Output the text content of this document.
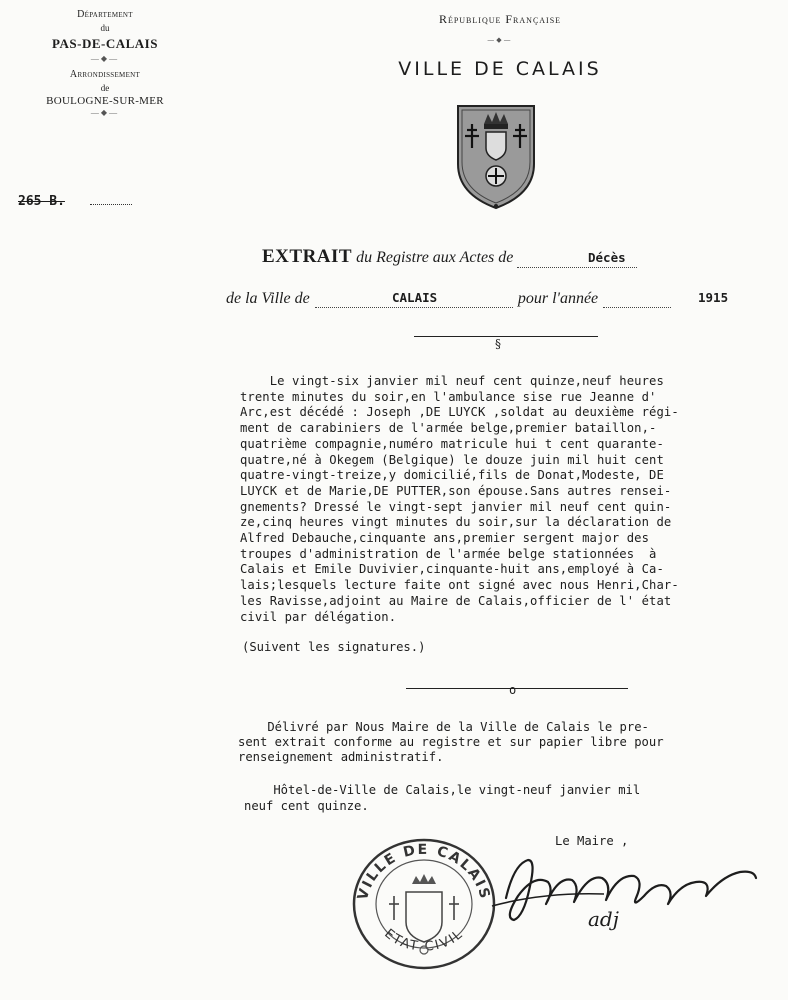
Département
du
PAS-DE-CALAIS
—◆—
Arrondissement
de
BOULOGNE-SUR-MER
—◆—
265 B.
République Française
—◆—
VILLE DE CALAIS
EXTRAIT du Registre aux Actes de	Décès
de la Ville de	pour l'année
CALAIS	1915
§
Le vingt-six janvier mil neuf cent quinze,neuf heures
trente minutes du soir,en l'ambulance sise rue Jeanne d'
Arc,est décédé : Joseph ,DE LUYCK ,soldat au deuxième régi-
ment de carabiniers de l'armée belge,premier bataillon,-
quatrième compagnie,numéro matricule hui t cent quarante-
quatre,né à Okegem (Belgique) le douze juin mil huit cent
quatre-vingt-treize,y domicilié,fils de Donat,Modeste, DE
LUYCK et de Marie,DE PUTTER,son épouse.Sans autres rensei-
gnements? Dressé le vingt-sept janvier mil neuf cent quin-
ze,cinq heures vingt minutes du soir,sur la déclaration de
Alfred Debauche,cinquante ans,premier sergent major des
troupes d'administration de l'armée belge stationnées  à
Calais et Emile Duvivier,cinquante-huit ans,employé à Ca-
lais;lesquels lecture faite ont signé avec nous Henri,Char-
les Ravisse,adjoint au Maire de Calais,officier de l' état
civil par délégation.
(Suivent les signatures.)
o
Délivré par Nous Maire de la Ville de Calais le pre-
sent extrait conforme au registre et sur papier libre pour
renseignement administratif.
Hôtel-de-Ville de Calais,le vingt-neuf janvier mil
neuf cent quinze.
Le Maire ,
VILLE DE CALAIS
ETAT CIVIL
adj
